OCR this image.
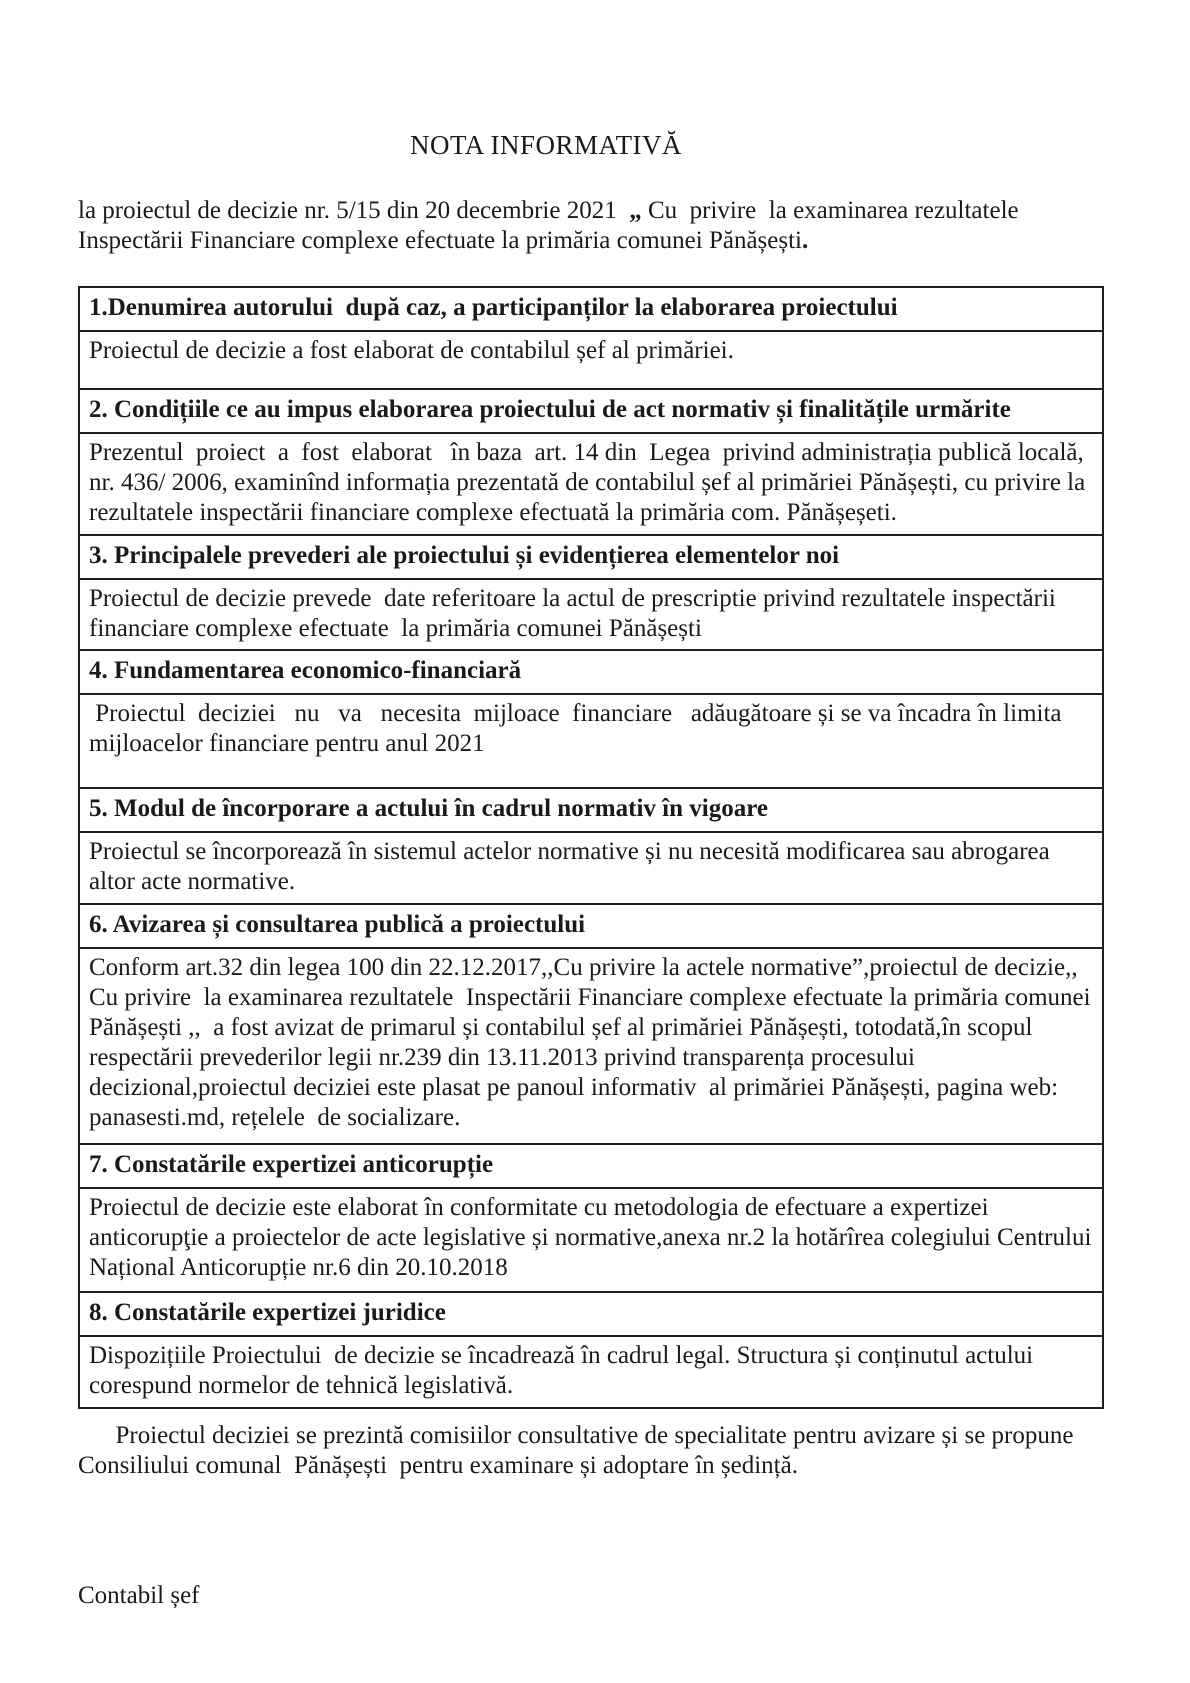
NOTA INFORMATIVĂ

la proiectul de decizie nr. 5/15 din 20 decembrie 2021  „ Cu  privire  la examinarea rezultatele Inspectării Financiare complexe efectuate la primăria comunei Pănășești.

1.Denumirea autorului  după caz, a participanților la elaborarea proiectului
Proiectul de decizie a fost elaborat de contabilul șef al primăriei.
2. Condițiile ce au impus elaborarea proiectului de act normativ și finalitățile urmărite
Prezentul  proiect  a  fost  elaborat   în baza  art. 14 din  Legea  privind administrația publică locală, nr. 436/ 2006, examinînd informația prezentată de contabilul șef al primăriei Pănășești, cu privire la rezultatele inspectării financiare complexe efectuată la primăria com. Pănășeșeti.
3. Principalele prevederi ale proiectului și evidențierea elementelor noi
Proiectul de decizie prevede  date referitoare la actul de prescriptie privind rezultatele inspectării financiare complexe efectuate  la primăria comunei Pănășești
4. Fundamentarea economico-financiară
Proiectul  deciziei   nu   va   necesita  mijloace  financiare   adăugătoare și se va încadra în limita mijloacelor financiare pentru anul 2021
5. Modul de încorporare a actului în cadrul normativ în vigoare
Proiectul se încorporează în sistemul actelor normative și nu necesită modificarea sau abrogarea altor acte normative.
6. Avizarea și consultarea publică a proiectului
Conform art.32 din legea 100 din 22.12.2017,,Cu privire la actele normative”,proiectul de decizie,, Cu privire  la examinarea rezultatele  Inspectării Financiare complexe efectuate la primăria comunei Pănășești ,,  a fost avizat de primarul și contabilul șef al primăriei Pănășești, totodată,în scopul respectării prevederilor legii nr.239 din 13.11.2013 privind transparența procesului decizional,proiectul deciziei este plasat pe panoul informativ  al primăriei Pănășești, pagina web: panasesti.md, rețelele  de socializare.
7. Constatările expertizei anticorupție
Proiectul de decizie este elaborat în conformitate cu metodologia de efectuare a expertizei anticorupţie a proiectelor de acte legislative și normative,anexa nr.2 la hotărîrea colegiului Centrului Național Anticorupție nr.6 din 20.10.2018
8. Constatările expertizei juridice
Dispozițiile Proiectului  de decizie se încadrează în cadrul legal. Structura și conținutul actului corespund normelor de tehnică legislativă.

Proiectul deciziei se prezintă comisiilor consultative de specialitate pentru avizare și se propune Consiliului comunal  Pănășești  pentru examinare și adoptare în ședință.

Contabil șef
